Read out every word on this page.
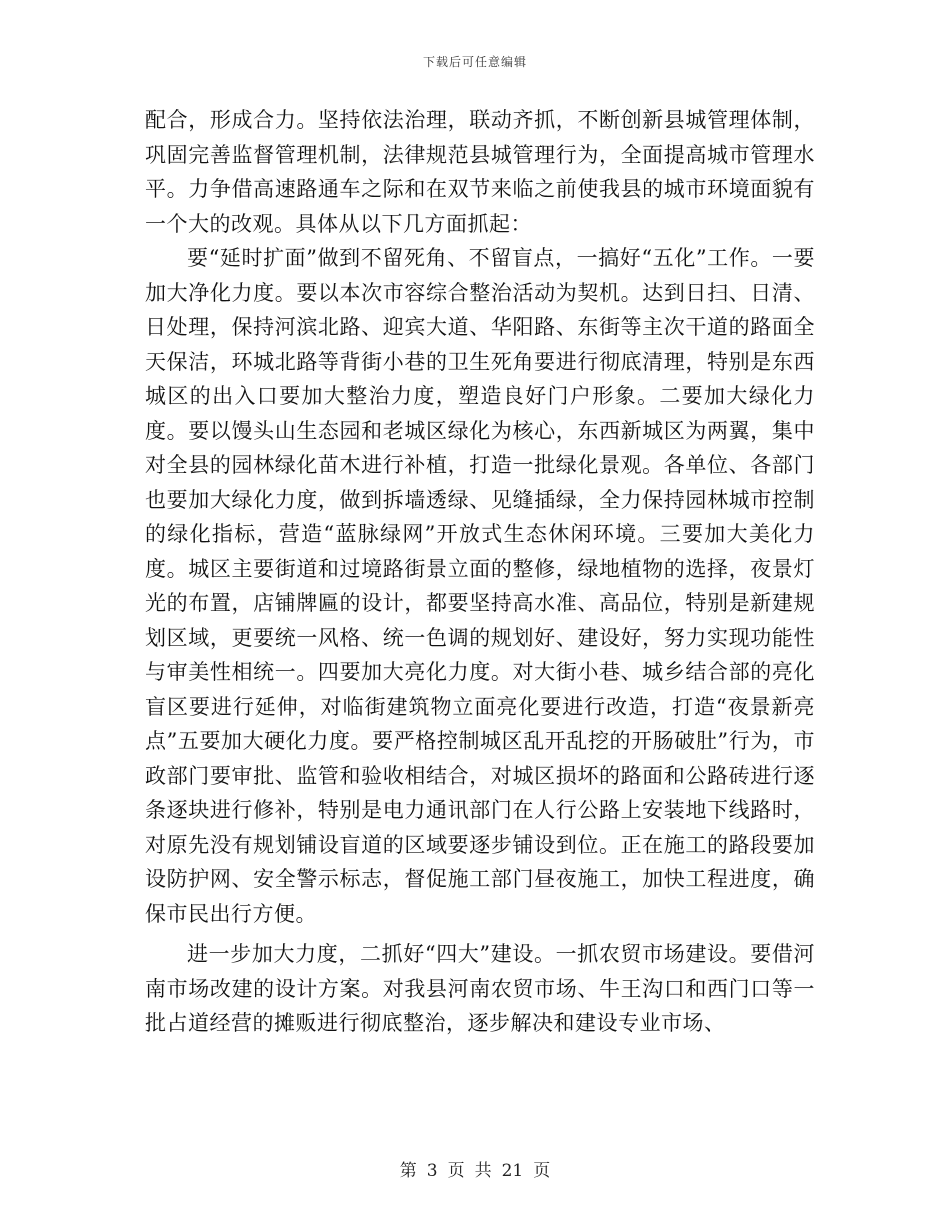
下载后可任意编辑

配合，形成合力。坚持依法治理，联动齐抓，不断创新县城管理体制，巩固完善监督管理机制，法律规范县城管理行为，全面提高城市管理水平。力争借高速路通车之际和在双节来临之前使我县的城市环境面貌有一个大的改观。具体从以下几方面抓起：

要“延时扩面”做到不留死角、不留盲点，一搞好“五化”工作。一要加大净化力度。要以本次市容综合整治活动为契机。达到日扫、日清、日处理，保持河滨北路、迎宾大道、华阳路、东街等主次干道的路面全天保洁，环城北路等背街小巷的卫生死角要进行彻底清理，特别是东西城区的出入口要加大整治力度，塑造良好门户形象。二要加大绿化力度。要以馒头山生态园和老城区绿化为核心，东西新城区为两翼，集中对全县的园林绿化苗木进行补植，打造一批绿化景观。各单位、各部门也要加大绿化力度，做到拆墙透绿、见缝插绿，全力保持园林城市控制的绿化指标，营造“蓝脉绿网”开放式生态休闲环境。三要加大美化力度。城区主要街道和过境路街景立面的整修，绿地植物的选择，夜景灯光的布置，店铺牌匾的设计，都要坚持高水准、高品位，特别是新建规划区域，更要统一风格、统一色调的规划好、建设好，努力实现功能性与审美性相统一。四要加大亮化力度。对大街小巷、城乡结合部的亮化盲区要进行延伸，对临街建筑物立面亮化要进行改造，打造“夜景新亮点”五要加大硬化力度。要严格控制城区乱开乱挖的开肠破肚”行为，市政部门要审批、监管和验收相结合，对城区损坏的路面和公路砖进行逐条逐块进行修补，特别是电力通讯部门在人行公路上安装地下线路时，对原先没有规划铺设盲道的区域要逐步铺设到位。正在施工的路段要加设防护网、安全警示标志，督促施工部门昼夜施工，加快工程进度，确保市民出行方便。

进一步加大力度，二抓好“四大”建设。一抓农贸市场建设。要借河南市场改建的设计方案。对我县河南农贸市场、牛王沟口和西门口等一批占道经营的摊贩进行彻底整治，逐步解决和建设专业市场、

第 3 页 共 21 页
